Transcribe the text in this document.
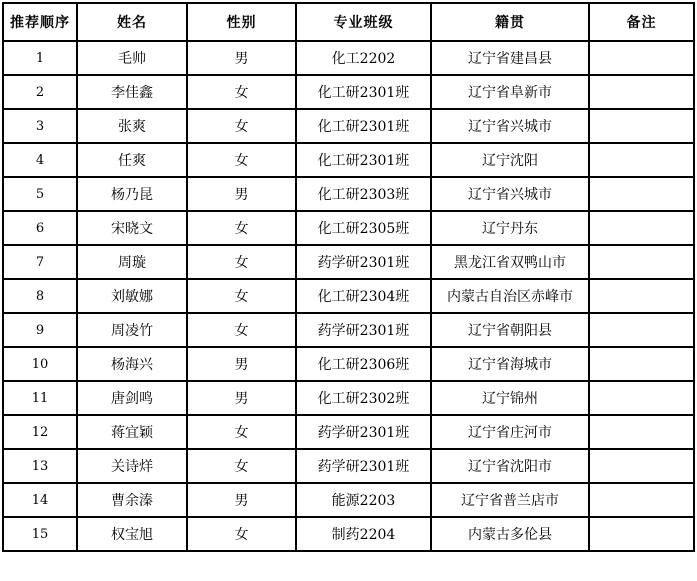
推荐顺序	姓名	性别	专业班级	籍贯	备注
1	毛帅	男	化工2202	辽宁省建昌县	
2	李佳鑫	女	化工研2301班	辽宁省阜新市	
3	张爽	女	化工研2301班	辽宁省兴城市	
4	任爽	女	化工研2301班	辽宁沈阳	
5	杨乃昆	男	化工研2303班	辽宁省兴城市	
6	宋晓文	女	化工研2305班	辽宁丹东	
7	周璇	女	药学研2301班	黑龙江省双鸭山市	
8	刘敏娜	女	化工研2304班	内蒙古自治区赤峰市	
9	周凌竹	女	药学研2301班	辽宁省朝阳县	
10	杨海兴	男	化工研2306班	辽宁省海城市	
11	唐剑鸣	男	化工研2302班	辽宁锦州	
12	蒋宜颖	女	药学研2301班	辽宁省庄河市	
13	关诗烊	女	药学研2301班	辽宁省沈阳市	
14	曹余溱	男	能源2203	辽宁省普兰店市	
15	权宝旭	女	制药2204	内蒙古多伦县	
